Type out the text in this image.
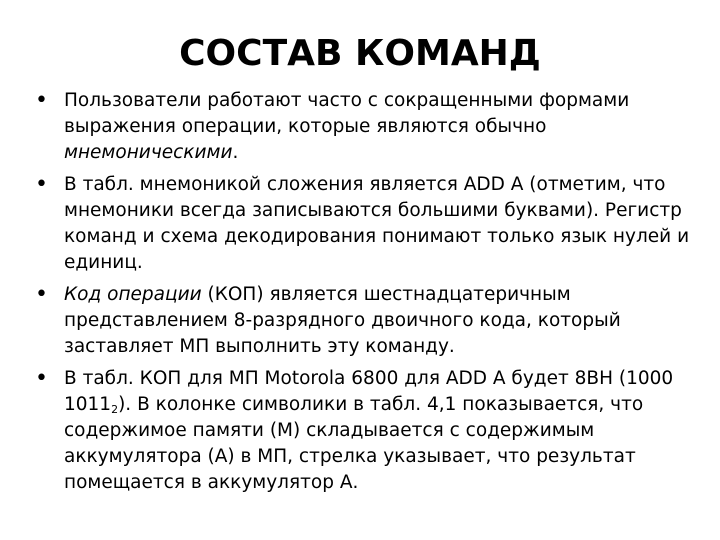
СОСТАВ КОМАНД
• Пользователи работают часто с сокращенными формами выражения операции, которые являются обычно мнемоническими.
• В табл. мнемоникой сложения является ADD A (отметим, что мнемоники всегда записываются большими буквами). Регистр команд и схема декодирования понимают только язык нулей и единиц.
• Код операции (КОП) является шестнадцатеричным представлением 8-разрядного двоичного кода, который заставляет МП выполнить эту команду.
• В табл. КОП для МП Motorola 6800 для ADD A будет 8BH (1000 $1011_2$). В колонке символики в табл. 4,1 показывается, что содержимое памяти (М) складывается с содержимым аккумулятора (А) в МП, стрелка указывает, что результат помещается в аккумулятор А.
